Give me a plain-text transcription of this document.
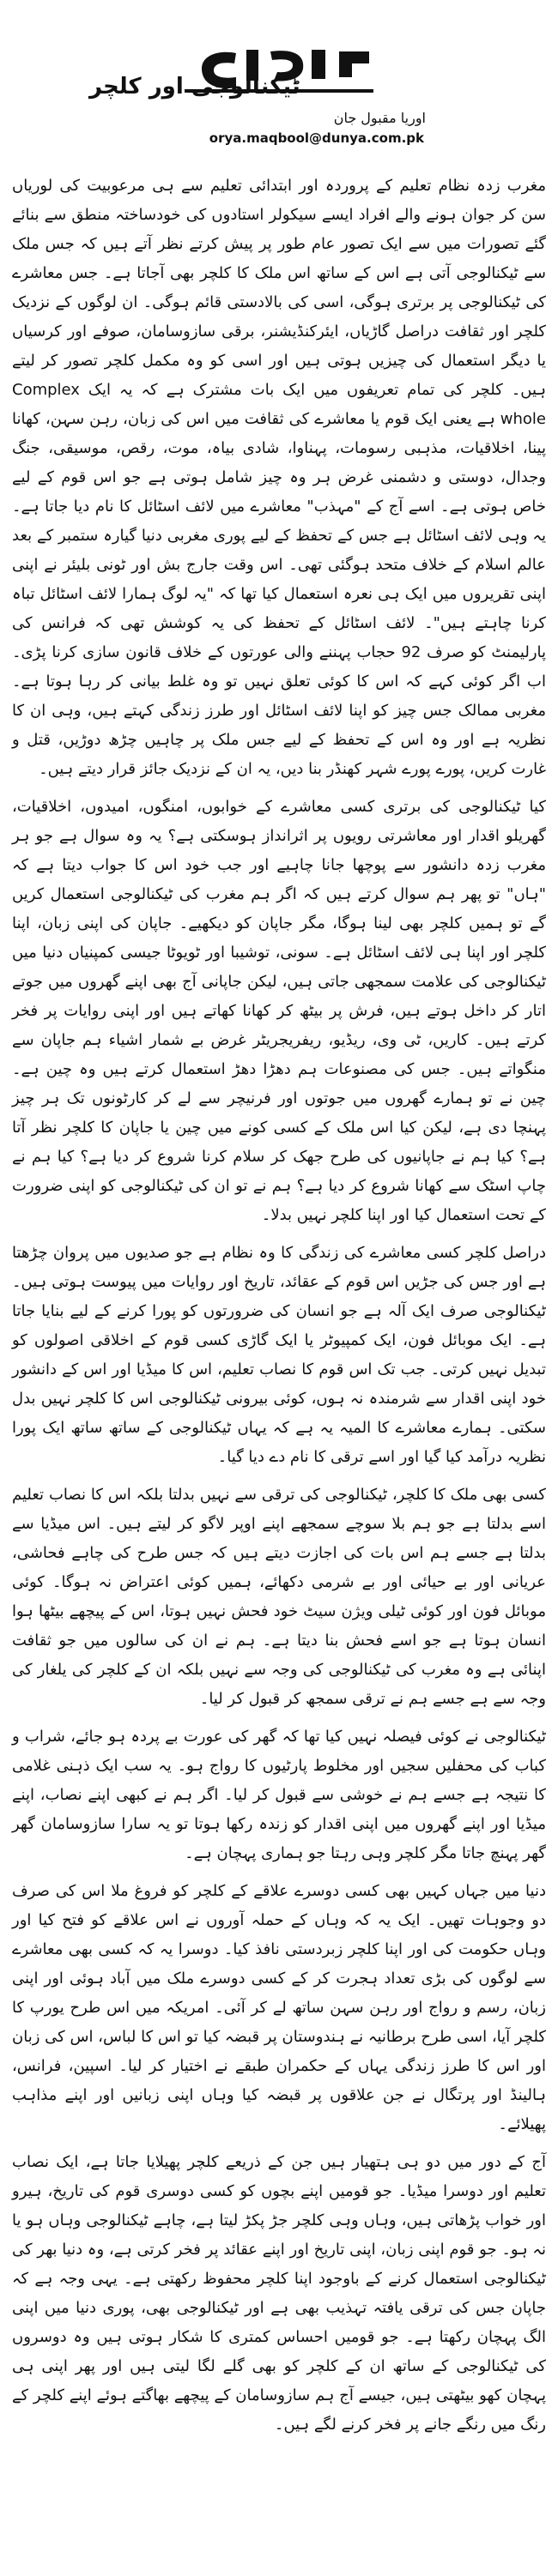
ٹیکنالوجی اور کلچر
اوریا مقبول جان
orya.maqbool@dunya.com.pk

مغرب زدہ نظام تعلیم کے پروردہ اور ابتدائی تعلیم سے ہی مرعوبیت کی لوریاں سن کر جوان ہونے والے افراد ایسے سیکولر استادوں کی خودساختہ منطق سے بنائے گئے تصورات میں سے ایک تصور عام طور پر پیش کرتے نظر آتے ہیں کہ جس ملک سے ٹیکنالوجی آتی ہے اس کے ساتھ اس ملک کا کلچر بھی آجاتا ہے۔ جس معاشرے کی ٹیکنالوجی پر برتری ہوگی، اسی کی بالادستی قائم ہوگی۔ ان لوگوں کے نزدیک کلچر اور ثقافت دراصل گاڑیاں، ایئرکنڈیشنر، برقی سازوسامان، صوفے اور کرسیاں یا دیگر استعمال کی چیزیں ہوتی ہیں اور اسی کو وہ مکمل کلچر تصور کر لیتے ہیں۔ کلچر کی تمام تعریفوں میں ایک بات مشترک ہے کہ یہ ایک Complex whole ہے یعنی ایک قوم یا معاشرے کی ثقافت میں اس کی زبان، رہن سہن، کھانا پینا، اخلاقیات، مذہبی رسومات، پہناوا، شادی بیاہ، موت، رقص، موسیقی، جنگ وجدال، دوستی و دشمنی غرض ہر وہ چیز شامل ہوتی ہے جو اس قوم کے لیے خاص ہوتی ہے۔ اسے آج کے "مہذب" معاشرے میں لائف اسٹائل کا نام دیا جاتا ہے۔ یہ وہی لائف اسٹائل ہے جس کے تحفظ کے لیے پوری مغربی دنیا گیارہ ستمبر کے بعد عالم اسلام کے خلاف متحد ہوگئی تھی۔ اس وقت جارج بش اور ٹونی بلیئر نے اپنی اپنی تقریروں میں ایک ہی نعرہ استعمال کیا تھا کہ "یہ لوگ ہمارا لائف اسٹائل تباہ کرنا چاہتے ہیں"۔ لائف اسٹائل کے تحفظ کی یہ کوشش تھی کہ فرانس کی پارلیمنٹ کو صرف 92 حجاب پہننے والی عورتوں کے خلاف قانون سازی کرنا پڑی۔ اب اگر کوئی کہے کہ اس کا کوئی تعلق نہیں تو وہ غلط بیانی کر رہا ہوتا ہے۔ مغربی ممالک جس چیز کو اپنا لائف اسٹائل اور طرز زندگی کہتے ہیں، وہی ان کا نظریہ ہے اور وہ اس کے تحفظ کے لیے جس ملک پر چاہیں چڑھ دوڑیں، قتل و غارت کریں، پورے پورے شہر کھنڈر بنا دیں، یہ ان کے نزدیک جائز قرار دیتے ہیں۔

کیا ٹیکنالوجی کی برتری کسی معاشرے کے خوابوں، امنگوں، امیدوں، اخلاقیات، گھریلو اقدار اور معاشرتی رویوں پر اثرانداز ہوسکتی ہے؟ یہ وہ سوال ہے جو ہر مغرب زدہ دانشور سے پوچھا جانا چاہیے اور جب خود اس کا جواب دیتا ہے کہ "ہاں" تو پھر ہم سوال کرتے ہیں کہ اگر ہم مغرب کی ٹیکنالوجی استعمال کریں گے تو ہمیں کلچر بھی لینا ہوگا، مگر جاپان کو دیکھیے۔ جاپان کی اپنی زبان، اپنا کلچر اور اپنا ہی لائف اسٹائل ہے۔ سونی، توشیبا اور ٹویوٹا جیسی کمپنیاں دنیا میں ٹیکنالوجی کی علامت سمجھی جاتی ہیں، لیکن جاپانی آج بھی اپنے گھروں میں جوتے اتار کر داخل ہوتے ہیں، فرش پر بیٹھ کر کھانا کھاتے ہیں اور اپنی روایات پر فخر کرتے ہیں۔ کاریں، ٹی وی، ریڈیو، ریفریجریٹر غرض بے شمار اشیاء ہم جاپان سے منگواتے ہیں۔ جس کی مصنوعات ہم دھڑا دھڑ استعمال کرتے ہیں وہ چین ہے۔ چین نے تو ہمارے گھروں میں جوتوں اور فرنیچر سے لے کر کارٹونوں تک ہر چیز پہنچا دی ہے، لیکن کیا اس ملک کے کسی کونے میں چین یا جاپان کا کلچر نظر آتا ہے؟ کیا ہم نے جاپانیوں کی طرح جھک کر سلام کرنا شروع کر دیا ہے؟ کیا ہم نے چاپ اسٹک سے کھانا شروع کر دیا ہے؟ ہم نے تو ان کی ٹیکنالوجی کو اپنی ضرورت کے تحت استعمال کیا اور اپنا کلچر نہیں بدلا۔

دراصل کلچر کسی معاشرے کی زندگی کا وہ نظام ہے جو صدیوں میں پروان چڑھتا ہے اور جس کی جڑیں اس قوم کے عقائد، تاریخ اور روایات میں پیوست ہوتی ہیں۔ ٹیکنالوجی صرف ایک آلہ ہے جو انسان کی ضرورتوں کو پورا کرنے کے لیے بنایا جاتا ہے۔ ایک موبائل فون، ایک کمپیوٹر یا ایک گاڑی کسی قوم کے اخلاقی اصولوں کو تبدیل نہیں کرتی۔ جب تک اس قوم کا نصاب تعلیم، اس کا میڈیا اور اس کے دانشور خود اپنی اقدار سے شرمندہ نہ ہوں، کوئی بیرونی ٹیکنالوجی اس کا کلچر نہیں بدل سکتی۔ ہمارے معاشرے کا المیہ یہ ہے کہ یہاں ٹیکنالوجی کے ساتھ ساتھ ایک پورا نظریہ درآمد کیا گیا اور اسے ترقی کا نام دے دیا گیا۔

کسی بھی ملک کا کلچر، ٹیکنالوجی کی ترقی سے نہیں بدلتا بلکہ اس کا نصاب تعلیم اسے بدلتا ہے جو ہم بلا سوچے سمجھے اپنے اوپر لاگو کر لیتے ہیں۔ اس میڈیا سے بدلتا ہے جسے ہم اس بات کی اجازت دیتے ہیں کہ جس طرح کی چاہے فحاشی، عریانی اور بے حیائی اور بے شرمی دکھائے، ہمیں کوئی اعتراض نہ ہوگا۔ کوئی موبائل فون اور کوئی ٹیلی ویژن سیٹ خود فحش نہیں ہوتا، اس کے پیچھے بیٹھا ہوا انسان ہوتا ہے جو اسے فحش بنا دیتا ہے۔ ہم نے ان کی سالوں میں جو ثقافت اپنائی ہے وہ مغرب کی ٹیکنالوجی کی وجہ سے نہیں بلکہ ان کے کلچر کی یلغار کی وجہ سے ہے جسے ہم نے ترقی سمجھ کر قبول کر لیا۔

ٹیکنالوجی نے کوئی فیصلہ نہیں کیا تھا کہ گھر کی عورت بے پردہ ہو جائے، شراب و کباب کی محفلیں سجیں اور مخلوط پارٹیوں کا رواج ہو۔ یہ سب ایک ذہنی غلامی کا نتیجہ ہے جسے ہم نے خوشی سے قبول کر لیا۔ اگر ہم نے کبھی اپنے نصاب، اپنے میڈیا اور اپنے گھروں میں اپنی اقدار کو زندہ رکھا ہوتا تو یہ سارا سازوسامان گھر گھر پہنچ جاتا مگر کلچر وہی رہتا جو ہماری پہچان ہے۔

دنیا میں جہاں کہیں بھی کسی دوسرے علاقے کے کلچر کو فروغ ملا اس کی صرف دو وجوہات تھیں۔ ایک یہ کہ وہاں کے حملہ آوروں نے اس علاقے کو فتح کیا اور وہاں حکومت کی اور اپنا کلچر زبردستی نافذ کیا۔ دوسرا یہ کہ کسی بھی معاشرے سے لوگوں کی بڑی تعداد ہجرت کر کے کسی دوسرے ملک میں آباد ہوئی اور اپنی زبان، رسم و رواج اور رہن سہن ساتھ لے کر آئی۔ امریکہ میں اس طرح یورپ کا کلچر آیا، اسی طرح برطانیہ نے ہندوستان پر قبضہ کیا تو اس کا لباس، اس کی زبان اور اس کا طرز زندگی یہاں کے حکمران طبقے نے اختیار کر لیا۔ اسپین، فرانس، ہالینڈ اور پرتگال نے جن علاقوں پر قبضہ کیا وہاں اپنی زبانیں اور اپنے مذاہب پھیلائے۔

آج کے دور میں دو ہی ہتھیار ہیں جن کے ذریعے کلچر پھیلایا جاتا ہے، ایک نصاب تعلیم اور دوسرا میڈیا۔ جو قومیں اپنے بچوں کو کسی دوسری قوم کی تاریخ، ہیرو اور خواب پڑھاتی ہیں، وہاں وہی کلچر جڑ پکڑ لیتا ہے، چاہے ٹیکنالوجی وہاں ہو یا نہ ہو۔ جو قوم اپنی زبان، اپنی تاریخ اور اپنے عقائد پر فخر کرتی ہے، وہ دنیا بھر کی ٹیکنالوجی استعمال کرنے کے باوجود اپنا کلچر محفوظ رکھتی ہے۔ یہی وجہ ہے کہ جاپان جس کی ترقی یافتہ تہذیب بھی ہے اور ٹیکنالوجی بھی، پوری دنیا میں اپنی الگ پہچان رکھتا ہے۔ جو قومیں احساس کمتری کا شکار ہوتی ہیں وہ دوسروں کی ٹیکنالوجی کے ساتھ ان کے کلچر کو بھی گلے لگا لیتی ہیں اور پھر اپنی ہی پہچان کھو بیٹھتی ہیں، جیسے آج ہم سازوسامان کے پیچھے بھاگتے ہوئے اپنے کلچر کے رنگ میں رنگے جانے پر فخر کرنے لگے ہیں۔
